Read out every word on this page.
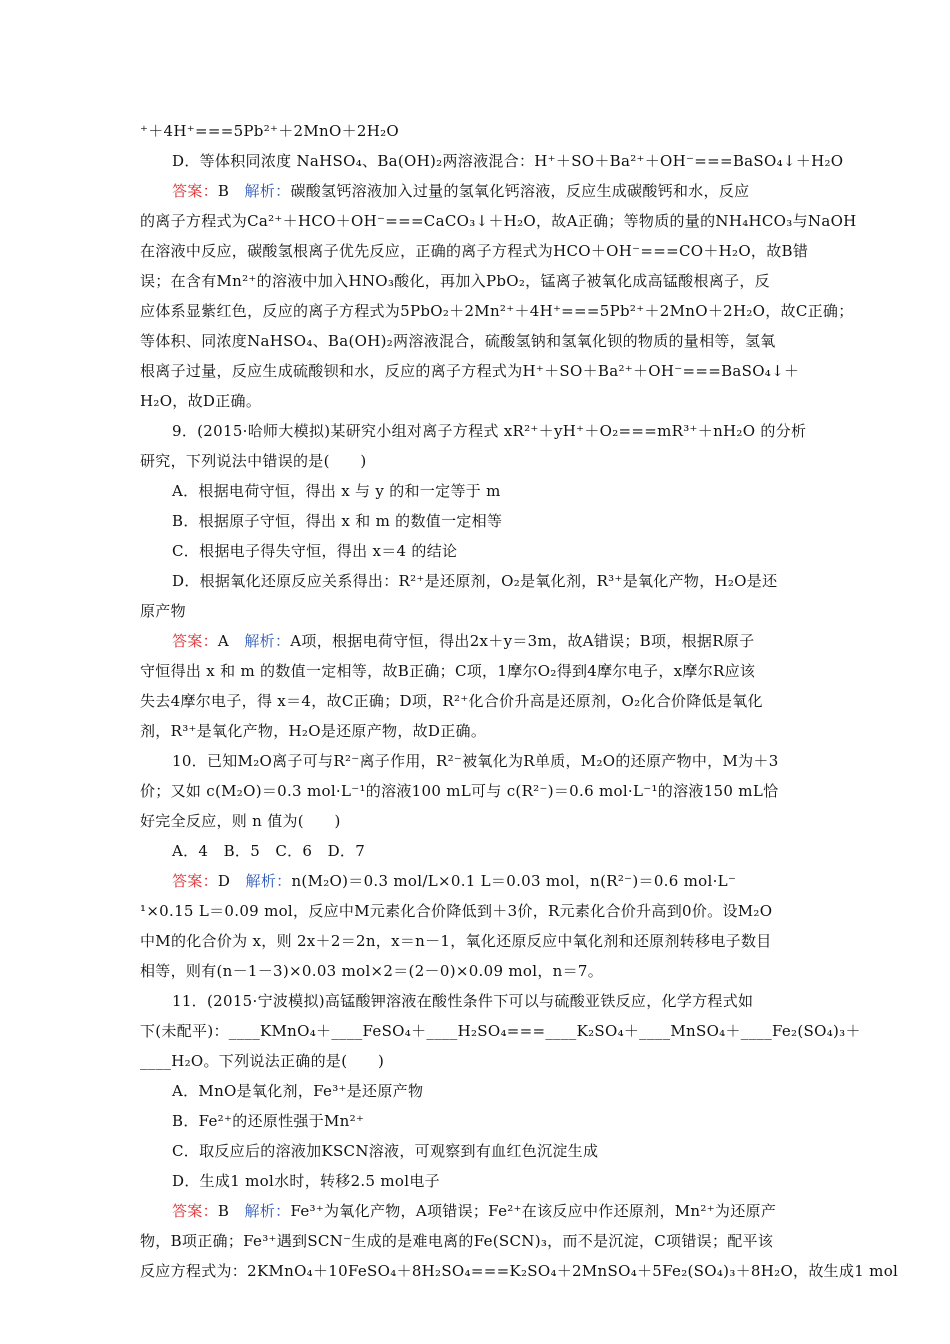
⁺＋4H⁺===5Pb²⁺＋2MnO＋2H₂O
D．等体积同浓度 NaHSO₄、Ba(OH)₂两溶液混合：H⁺＋SO＋Ba²⁺＋OH⁻===BaSO₄↓＋H₂O
答案：B　 解析：碳酸氢钙溶液加入过量的氢氧化钙溶液，反应生成碳酸钙和水，反应
的离子方程式为Ca²⁺＋HCO＋OH⁻===CaCO₃↓＋H₂O，故A正确；等物质的量的NH₄HCO₃与NaOH
在溶液中反应，碳酸氢根离子优先反应，正确的离子方程式为HCO＋OH⁻===CO＋H₂O，故B错
误；在含有Mn²⁺的溶液中加入HNO₃酸化，再加入PbO₂，锰离子被氧化成高锰酸根离子，反
应体系显紫红色，反应的离子方程式为5PbO₂＋2Mn²⁺＋4H⁺===5Pb²⁺＋2MnO＋2H₂O，故C正确；
等体积、同浓度NaHSO₄、Ba(OH)₂两溶液混合，硫酸氢钠和氢氧化钡的物质的量相等，氢氧
根离子过量，反应生成硫酸钡和水，反应的离子方程式为H⁺＋SO＋Ba²⁺＋OH⁻===BaSO₄↓＋
H₂O，故D正确。
9．(2015·哈师大模拟)某研究小组对离子方程式 xR²⁺＋yH⁺＋O₂===mR³⁺＋nH₂O 的分析
研究，下列说法中错误的是(　　)
A．根据电荷守恒，得出 x 与 y 的和一定等于 m
B．根据原子守恒，得出 x 和 m 的数值一定相等
C．根据电子得失守恒，得出 x＝4 的结论
D．根据氧化还原反应关系得出：R²⁺是还原剂，O₂是氧化剂，R³⁺是氧化产物，H₂O是还
原产物
答案：A　 解析：A项，根据电荷守恒，得出2x＋y＝3m，故A错误；B项，根据R原子
守恒得出 x 和 m 的数值一定相等，故B正确；C项，1摩尔O₂得到4摩尔电子，x摩尔R应该
失去4摩尔电子，得 x＝4，故C正确；D项，R²⁺化合价升高是还原剂，O₂化合价降低是氧化
剂，R³⁺是氧化产物，H₂O是还原产物，故D正确。
10．已知M₂O离子可与R²⁻离子作用，R²⁻被氧化为R单质，M₂O的还原产物中，M为＋3
价；又如 c(M₂O)＝0.3 mol·L⁻¹的溶液100 mL可与 c(R²⁻)＝0.6 mol·L⁻¹的溶液150 mL恰
好完全反应，则 n 值为(　　)
A．4　B．5　C．6　D．7
答案：D　 解析：n(M₂O)＝0.3 mol/L×0.1 L＝0.03 mol，n(R²⁻)＝0.6 mol·L⁻
¹×0.15 L＝0.09 mol，反应中M元素化合价降低到＋3价，R元素化合价升高到0价。设M₂O
中M的化合价为 x，则 2x＋2＝2n，x＝n－1，氧化还原反应中氧化剂和还原剂转移电子数目
相等，则有(n－1－3)×0.03 mol×2＝(2－0)×0.09 mol，n＝7。
11．(2015·宁波模拟)高锰酸钾溶液在酸性条件下可以与硫酸亚铁反应，化学方程式如
下(未配平)：____KMnO₄＋____FeSO₄＋____H₂SO₄===____K₂SO₄＋____MnSO₄＋____Fe₂(SO₄)₃＋
____H₂O。下列说法正确的是(　　)
A．MnO是氧化剂，Fe³⁺是还原产物
B．Fe²⁺的还原性强于Mn²⁺
C．取反应后的溶液加KSCN溶液，可观察到有血红色沉淀生成
D．生成1 mol水时，转移2.5 mol电子
答案：B　 解析：Fe³⁺为氧化产物，A项错误；Fe²⁺在该反应中作还原剂，Mn²⁺为还原产
物，B项正确；Fe³⁺遇到SCN⁻生成的是难电离的Fe(SCN)₃，而不是沉淀，C项错误；配平该
反应方程式为：2KMnO₄＋10FeSO₄＋8H₂SO₄===K₂SO₄＋2MnSO₄＋5Fe₂(SO₄)₃＋8H₂O，故生成1 mol
